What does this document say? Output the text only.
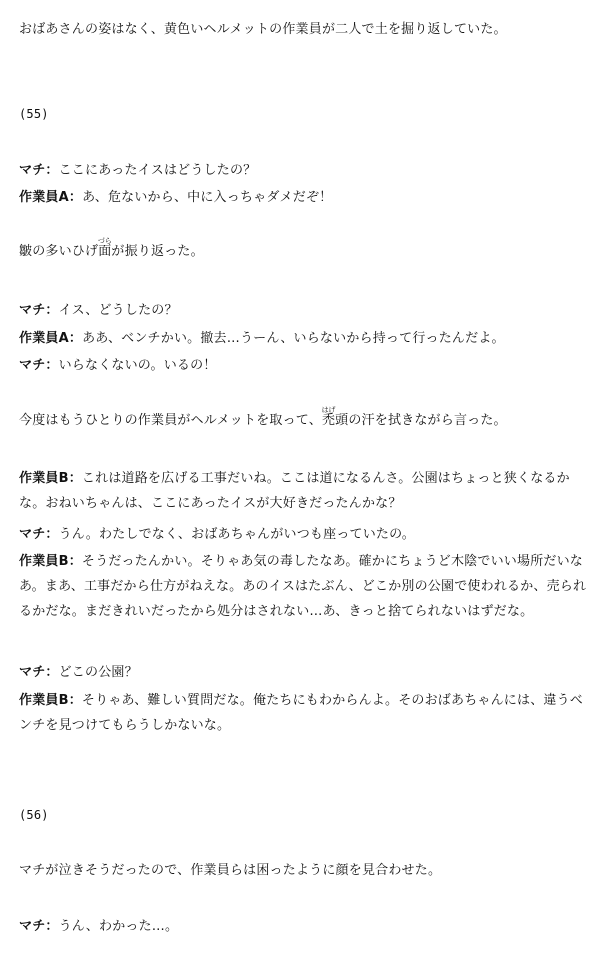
おばあさんの姿はなく、黄色いヘルメットの作業員が二人で土を掘り返していた。
(55)
マチ：ここにあったイスはどうしたの？
作業員A：あ、危ないから、中に入っちゃダメだぞ！
皺の多いひげ面づらが振り返った。
マチ：イス、どうしたの？
作業員A：ああ、ベンチかい。撤去…うーん、いらないから持って行ったんだよ。
マチ：いらなくないの。いるの！
今度はもうひとりの作業員がヘルメットを取って、禿はげ頭の汗を拭きながら言った。
作業員B：これは道路を広げる工事だいね。ここは道になるんさ。公園はちょっと狭くなるかな。おねいちゃんは、ここにあったイスが大好きだったんかな？
マチ：うん。わたしでなく、おばあちゃんがいつも座っていたの。
作業員B：そうだったんかい。そりゃあ気の毒したなあ。確かにちょうど木陰でいい場所だいなあ。まあ、工事だから仕方がねえな。あのイスはたぶん、どこか別の公園で使われるか、売られるかだな。まだきれいだったから処分はされない…あ、きっと捨てられないはずだな。
マチ：どこの公園？
作業員B：そりゃあ、難しい質問だな。俺たちにもわからんよ。そのおばあちゃんには、違うベンチを見つけてもらうしかないな。
(56)
マチが泣きそうだったので、作業員らは困ったように顔を見合わせた。
マチ：うん、わかった…。
